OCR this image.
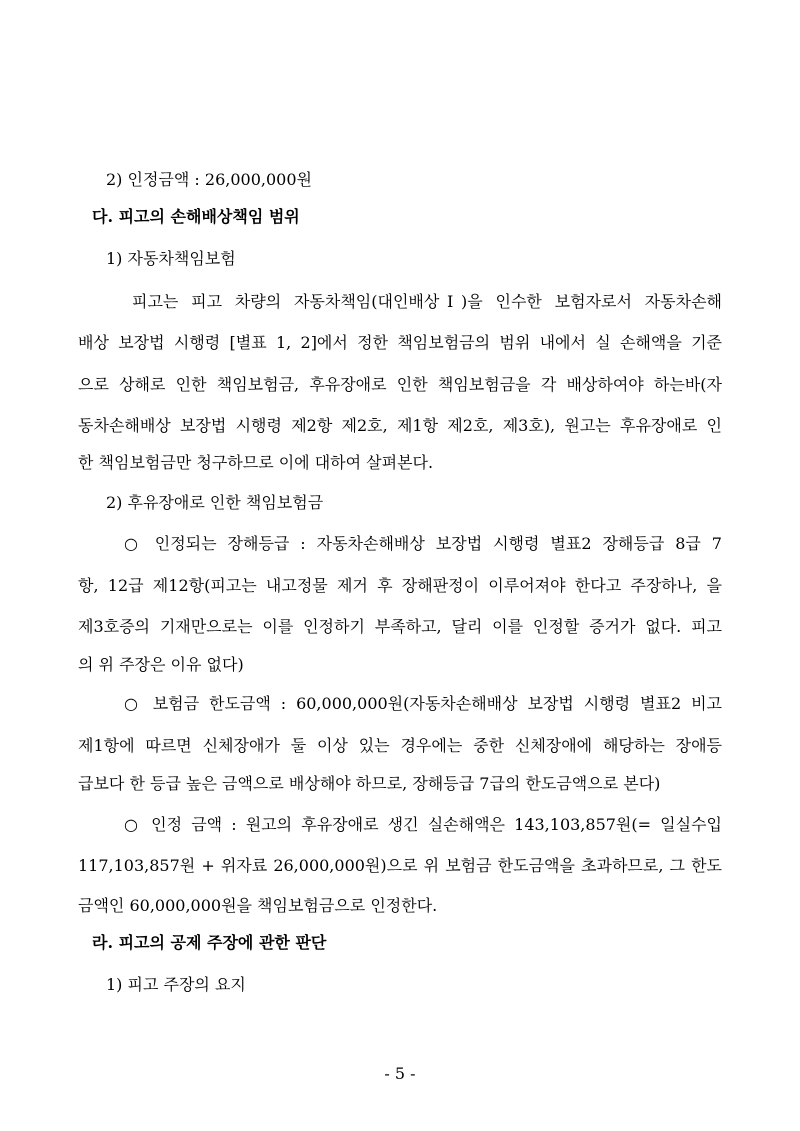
2) 인정금액 : 26,000,000원
다. 피고의 손해배상책임 범위
1) 자동차책임보험
피고는 피고 차량의 자동차책임(대인배상Ⅰ)을 인수한 보험자로서 자동차손해
배상 보장법 시행령 [별표 1, 2]에서 정한 책임보험금의 범위 내에서 실 손해액을 기준
으로 상해로 인한 책임보험금, 후유장애로 인한 책임보험금을 각 배상하여야 하는바(자
동차손해배상 보장법 시행령 제2항 제2호, 제1항 제2호, 제3호), 원고는 후유장애로 인
한 책임보험금만 청구하므로 이에 대하여 살펴본다.
2) 후유장애로 인한 책임보험금
○ 인정되는 장해등급 : 자동차손해배상 보장법 시행령 별표2 장해등급 8급 7
항, 12급 제12항(피고는 내고정물 제거 후 장해판정이 이루어져야 한다고 주장하나, 을
제3호증의 기재만으로는 이를 인정하기 부족하고, 달리 이를 인정할 증거가 없다. 피고
의 위 주장은 이유 없다)
○ 보험금 한도금액 : 60,000,000원(자동차손해배상 보장법 시행령 별표2 비고
제1항에 따르면 신체장애가 둘 이상 있는 경우에는 중한 신체장애에 해당하는 장애등
급보다 한 등급 높은 금액으로 배상해야 하므로, 장해등급 7급의 한도금액으로 본다)
○ 인정 금액 : 원고의 후유장애로 생긴 실손해액은 143,103,857원(= 일실수입
117,103,857원 + 위자료 26,000,000원)으로 위 보험금 한도금액을 초과하므로, 그 한도
금액인 60,000,000원을 책임보험금으로 인정한다.
라. 피고의 공제 주장에 관한 판단
1) 피고 주장의 요지
- 5 -
